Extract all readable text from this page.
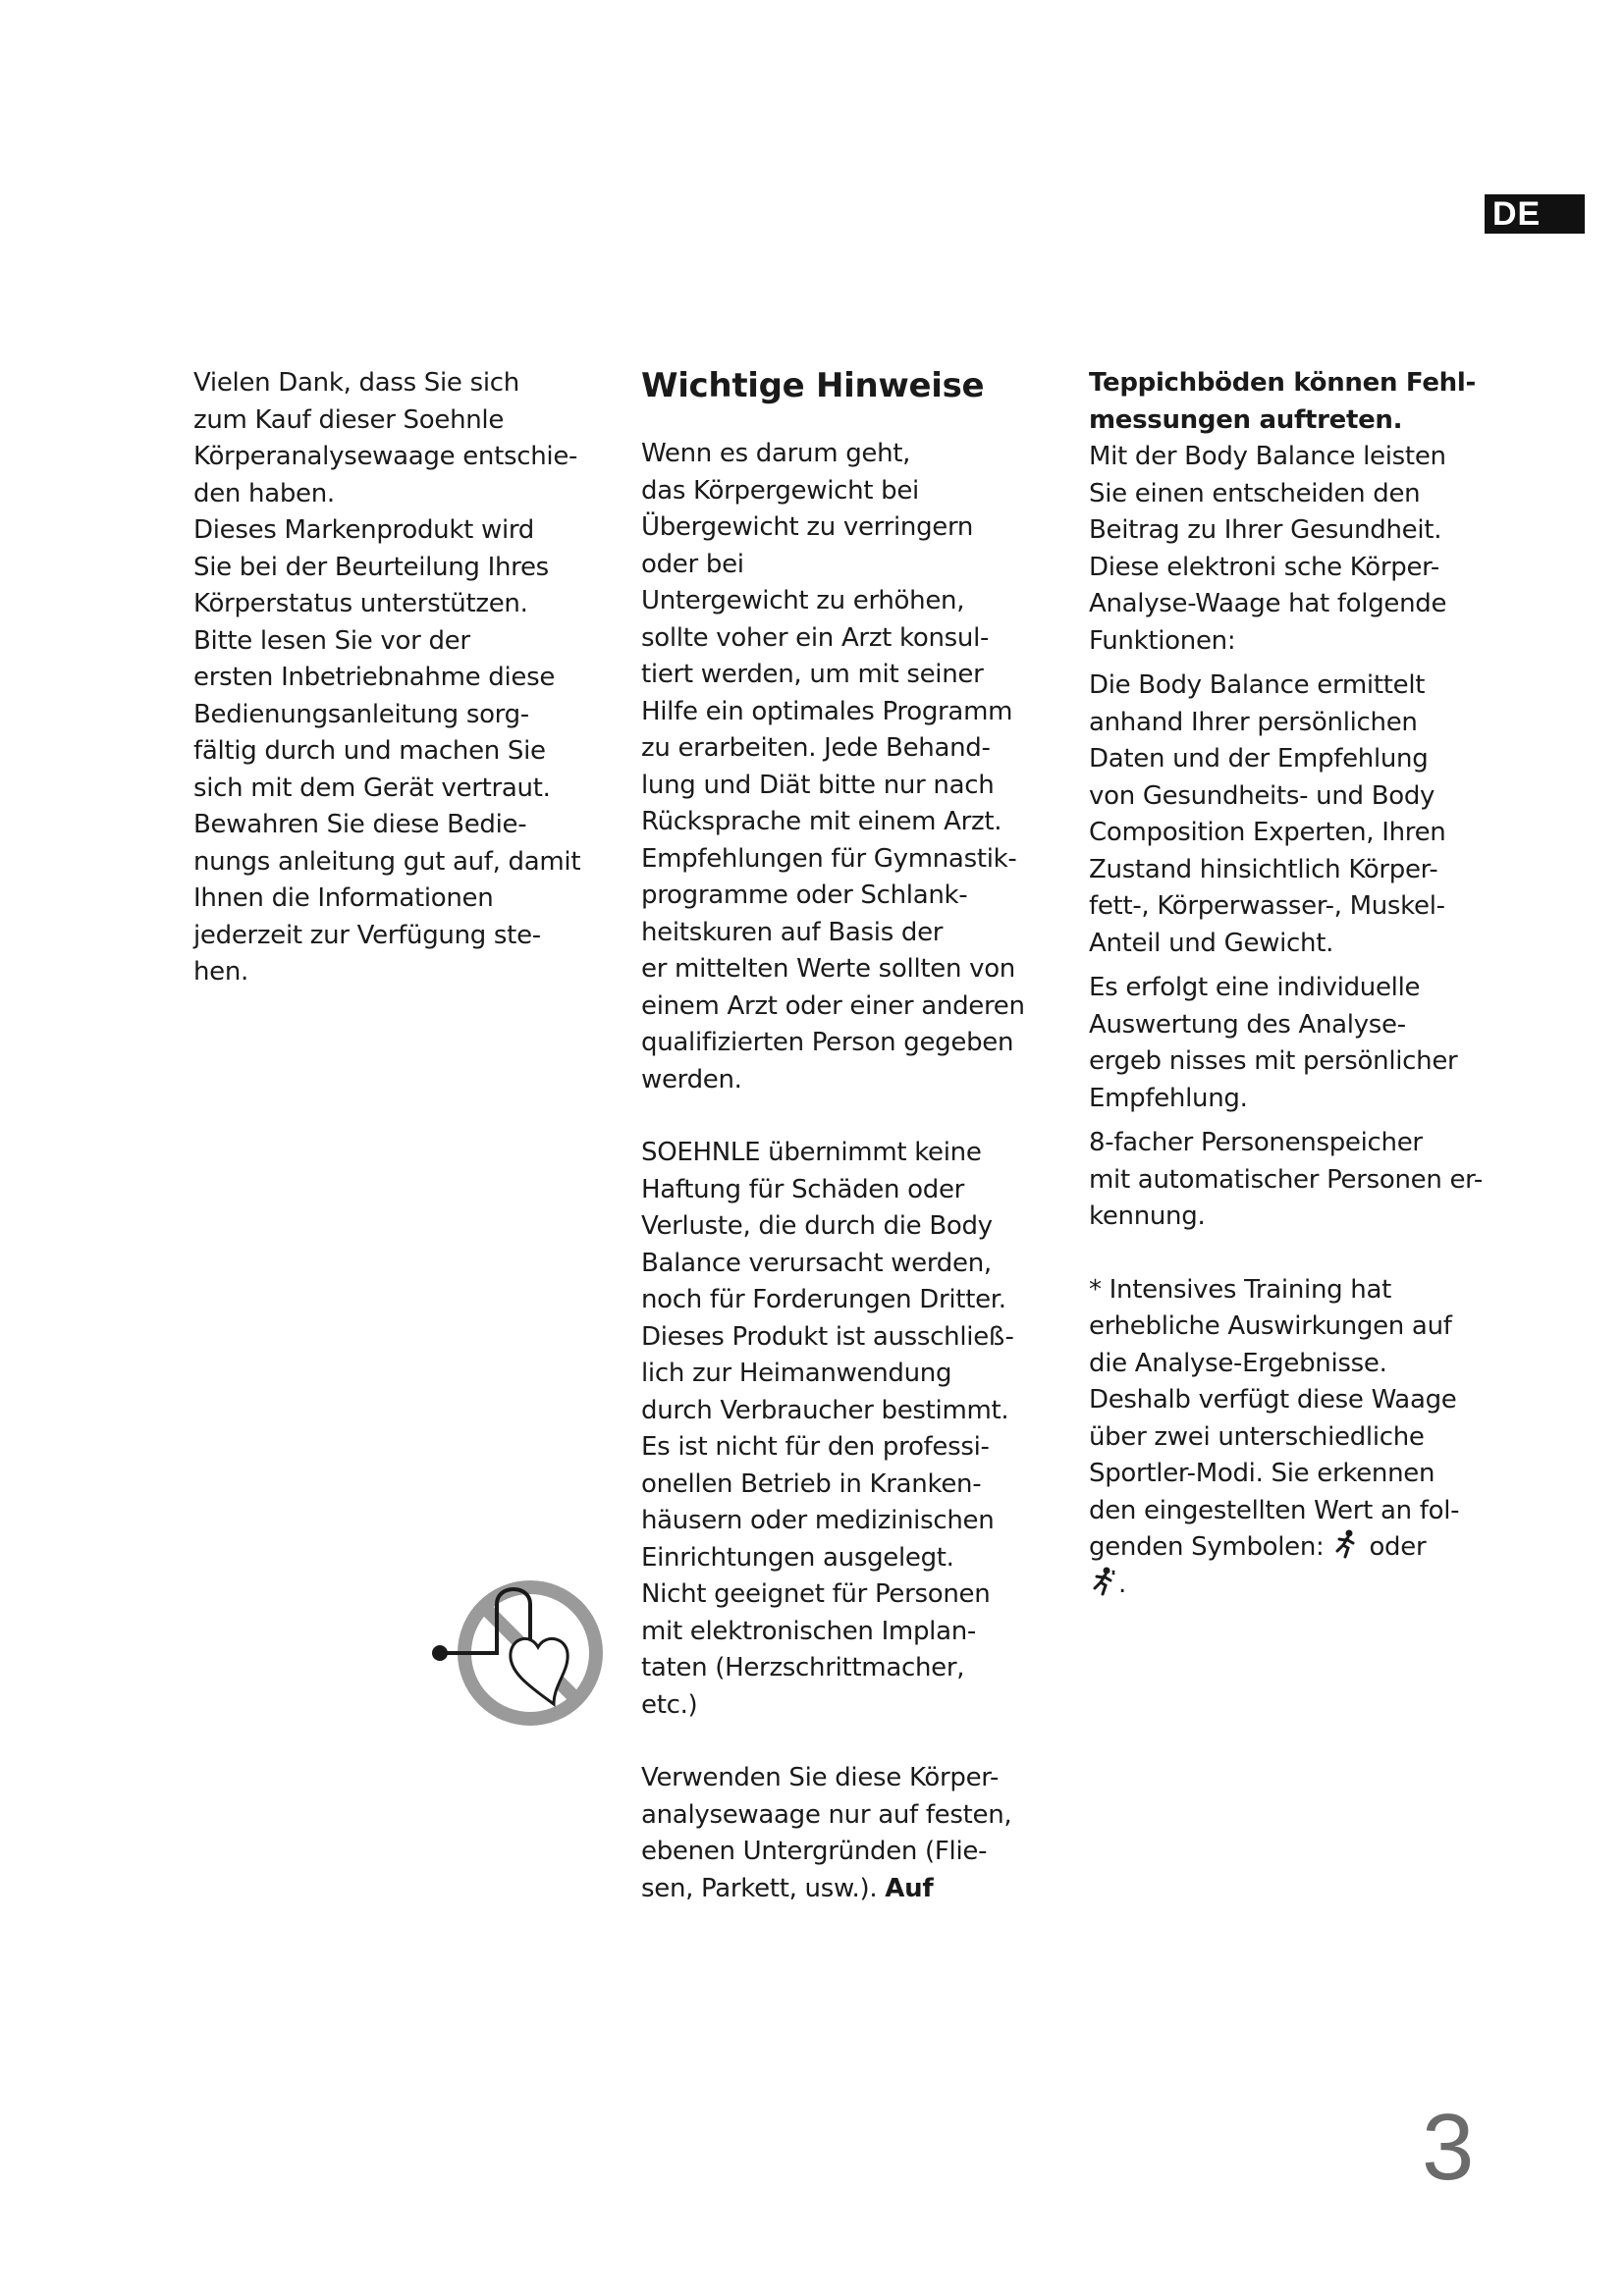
DE

Vielen Dank, dass Sie sich
zum Kauf dieser Soehnle
Körperanalysewaage entschie-
den haben.
Dieses Markenprodukt wird
Sie bei der Beurteilung Ihres
Körperstatus unterstützen.
Bitte lesen Sie vor der
ersten Inbetriebnahme diese
Bedienungsanleitung sorg-
fältig durch und machen Sie
sich mit dem Gerät vertraut.
Bewahren Sie diese Bedie-
nungs anleitung gut auf, damit
Ihnen die Informationen
jederzeit zur Verfügung ste-
hen.

Wichtige Hinweise

Wenn es darum geht,
das Körpergewicht bei
Übergewicht zu verringern
oder bei
Untergewicht zu erhöhen,
sollte voher ein Arzt konsul-
tiert werden, um mit seiner
Hilfe ein optimales Programm
zu erarbeiten. Jede Behand-
lung und Diät bitte nur nach
Rücksprache mit einem Arzt.
Empfehlungen für Gymnastik-
programme oder Schlank-
heitskuren auf Basis der
er mittelten Werte sollten von
einem Arzt oder einer anderen
qualifizierten Person gegeben
werden.

SOEHNLE übernimmt keine
Haftung für Schäden oder
Verluste, die durch die Body
Balance verursacht werden,
noch für Forderungen Dritter.
Dieses Produkt ist ausschließ-
lich zur Heimanwendung
durch Verbraucher bestimmt.
Es ist nicht für den professi-
onellen Betrieb in Kranken-
häusern oder medizinischen
Einrichtungen ausgelegt.
Nicht geeignet für Personen
mit elektronischen Implan-
taten (Herzschrittmacher,
etc.)

Verwenden Sie diese Körper-
analysewaage nur auf festen,
ebenen Untergründen (Flie-
sen, Parkett, usw.). Auf

Teppichböden können Fehl-
messungen auftreten.

Mit der Body Balance leisten
Sie einen entscheiden den
Beitrag zu Ihrer Gesundheit.
Diese elektroni sche Körper-
Analyse-Waage hat folgende
Funktionen:

Die Body Balance ermittelt
anhand Ihrer persönlichen
Daten und der Empfehlung
von Gesundheits- und Body
Composition Experten, Ihren
Zustand hinsichtlich Körper-
fett-, Körperwasser-, Muskel-
Anteil und Gewicht.

Es erfolgt eine individuelle
Auswertung des Analyse-
ergeb nisses mit persönlicher
Empfehlung.

8-facher Personenspeicher
mit automatischer Personen er-
kennung.

* Intensives Training hat
erhebliche Auswirkungen auf
die Analyse-Ergebnisse.
Deshalb verfügt diese Waage
über zwei unterschiedliche
Sportler-Modi. Sie erkennen
den eingestellten Wert an fol-
genden Symbolen: oder
.

3
